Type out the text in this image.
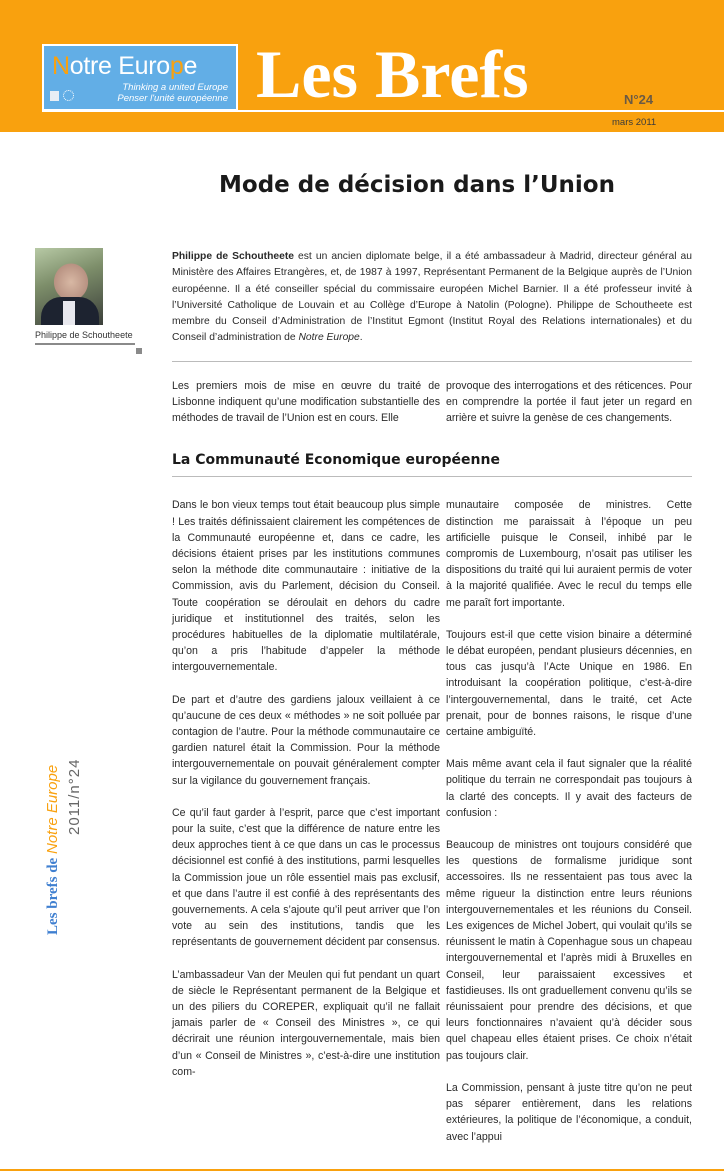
Notre Europe
Thinking a united Europe
Penser l'unité européenne Les Brefs	N°24
mars 2011
Mode de décision dans l’Union
Philippe de Schoutheete
Les brefs de Notre Europe 2011/n°24

Philippe de Schoutheete est un ancien diplomate belge, il a été ambassadeur à Madrid, directeur général au Ministère des Affaires Etrangères, et, de 1987 à 1997, Représentant Permanent de la Belgique auprès de l’Union européenne. Il a été conseiller spécial du commissaire européen Michel Barnier. Il a été professeur invité à l’Université Catholique de Louvain et au Collège d’Europe à Natolin (Pologne). Philippe de Schoutheete est membre du Conseil d’Administration de l’Institut Egmont (Institut Royal des Relations internationales) et du Conseil d’administration de Notre Europe.

Les premiers mois de mise en œuvre du traité de Lisbonne indiquent qu’une modification substantielle des méthodes de travail de l’Union est en cours. Elle

provoque des interrogations et des réticences. Pour en comprendre la portée il faut jeter un regard en arrière et suivre la genèse de ces changements.

La Communauté Economique européenne

Dans le bon vieux temps tout était beaucoup plus simple ! Les traités définissaient clairement les compétences de la Communauté européenne et, dans ce cadre, les décisions étaient prises par les institutions communes selon la méthode dite communautaire : initiative de la Commission, avis du Parlement, décision du Conseil. Toute coopération se déroulait en dehors du cadre juridique et institutionnel des traités, selon les procédures habituelles de la diplomatie multilatérale, qu’on a pris l’habitude d’appeler la méthode intergouvernementale.

De part et d’autre des gardiens jaloux veillaient à ce qu’aucune de ces deux « méthodes » ne soit polluée par contagion de l’autre. Pour la méthode communautaire ce gardien naturel était la Commission. Pour la méthode intergouvernementale on pouvait généralement compter sur la vigilance du gouvernement français.

Ce qu’il faut garder à l’esprit, parce que c’est important pour la suite, c’est que la différence de nature entre les deux approches tient à ce que dans un cas le processus décisionnel est confié à des institutions, parmi lesquelles la Commission joue un rôle essentiel mais pas exclusif, et que dans l’autre il est confié à des représentants des gouvernements. A cela s’ajoute qu’il peut arriver que l’on vote au sein des institutions, tandis que les représentants de gouvernement décident par consensus.

L’ambassadeur Van der Meulen qui fut pendant un quart de siècle le Représentant permanent de la Belgique et un des piliers du COREPER, expliquait qu’il ne fallait jamais parler de « Conseil des Ministres », ce qui décrirait une réunion intergouvernementale, mais bien d’un « Conseil de Ministres », c’est-à-dire une institution com-

munautaire composée de ministres. Cette distinction me paraissait à l’époque un peu artificielle puisque le Conseil, inhibé par le compromis de Luxembourg, n’osait pas utiliser les dispositions du traité qui lui auraient permis de voter à la majorité qualifiée. Avec le recul du temps elle me paraît fort importante.

Toujours est-il que cette vision binaire a déterminé le débat européen, pendant plusieurs décennies, en tous cas jusqu’à l’Acte Unique en 1986. En introduisant la coopération politique, c’est-à-dire l’intergouvernemental, dans le traité, cet Acte prenait, pour de bonnes raisons, le risque d’une certaine ambiguïté.

Mais même avant cela il faut signaler que la réalité politique du terrain ne correspondait pas toujours à la clarté des concepts. Il y avait des facteurs de confusion :

Beaucoup de ministres ont toujours considéré que les questions de formalisme juridique sont accessoires. Ils ne ressentaient pas tous avec la même rigueur la distinction entre leurs réunions intergouvernementales et les réunions du Conseil. Les exigences de Michel Jobert, qui voulait qu’ils se réunissent le matin à Copenhague sous un chapeau intergouvernemental et l’après midi à Bruxelles en Conseil, leur paraissaient excessives et fastidieuses. Ils ont graduellement convenu qu’ils se réunissaient pour prendre des décisions, et que leurs fonctionnaires n’avaient qu’à décider sous quel chapeau elles étaient prises. Ce choix n’était pas toujours clair.

La Commission, pensant à juste titre qu’on ne peut pas séparer entièrement, dans les relations extérieures, la politique de l’économique, a conduit, avec l’appui
